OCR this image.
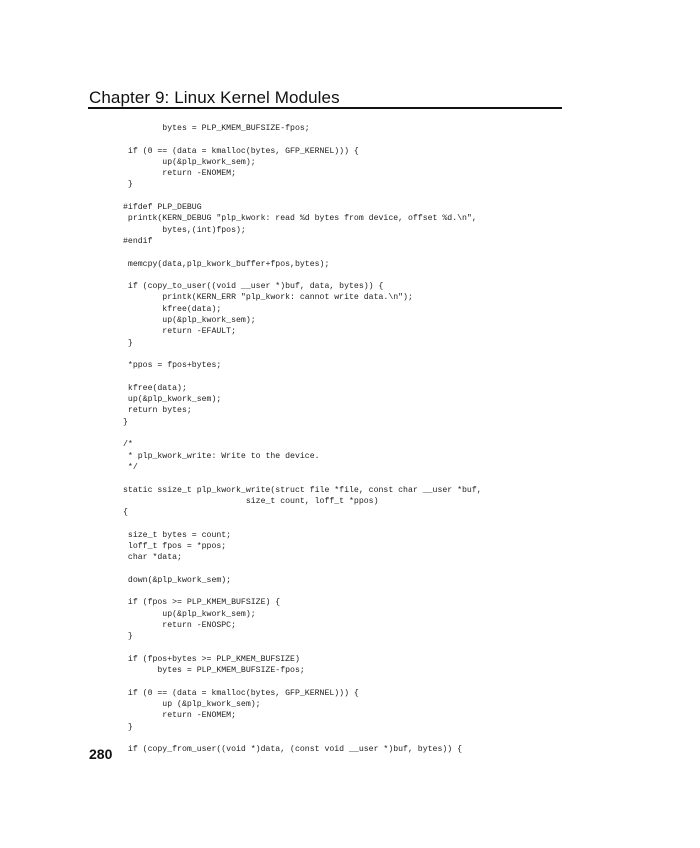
Chapter 9: Linux Kernel Modules
bytes = PLP_KMEM_BUFSIZE-fpos;

if (0 == (data = kmalloc(bytes, GFP_KERNEL))) {
up(&plp_kwork_sem);
return -ENOMEM;
}

#ifdef PLP_DEBUG
printk(KERN_DEBUG "plp_kwork: read %d bytes from device, offset %d.\n",
bytes,(int)fpos);
#endif

memcpy(data,plp_kwork_buffer+fpos,bytes);

if (copy_to_user((void __user *)buf, data, bytes)) {
printk(KERN_ERR "plp_kwork: cannot write data.\n");
kfree(data);
up(&plp_kwork_sem);
return -EFAULT;
}

*ppos = fpos+bytes;

kfree(data);
up(&plp_kwork_sem);
return bytes;
}

/*
* plp_kwork_write: Write to the device.
*/

static ssize_t plp_kwork_write(struct file *file, const char __user *buf,
size_t count, loff_t *ppos)
{

size_t bytes = count;
loff_t fpos = *ppos;
char *data;

down(&plp_kwork_sem);

if (fpos >= PLP_KMEM_BUFSIZE) {
up(&plp_kwork_sem);
return -ENOSPC;
}

if (fpos+bytes >= PLP_KMEM_BUFSIZE)
bytes = PLP_KMEM_BUFSIZE-fpos;

if (0 == (data = kmalloc(bytes, GFP_KERNEL))) {
up (&plp_kwork_sem);
return -ENOMEM;
}

if (copy_from_user((void *)data, (const void __user *)buf, bytes)) {
280
